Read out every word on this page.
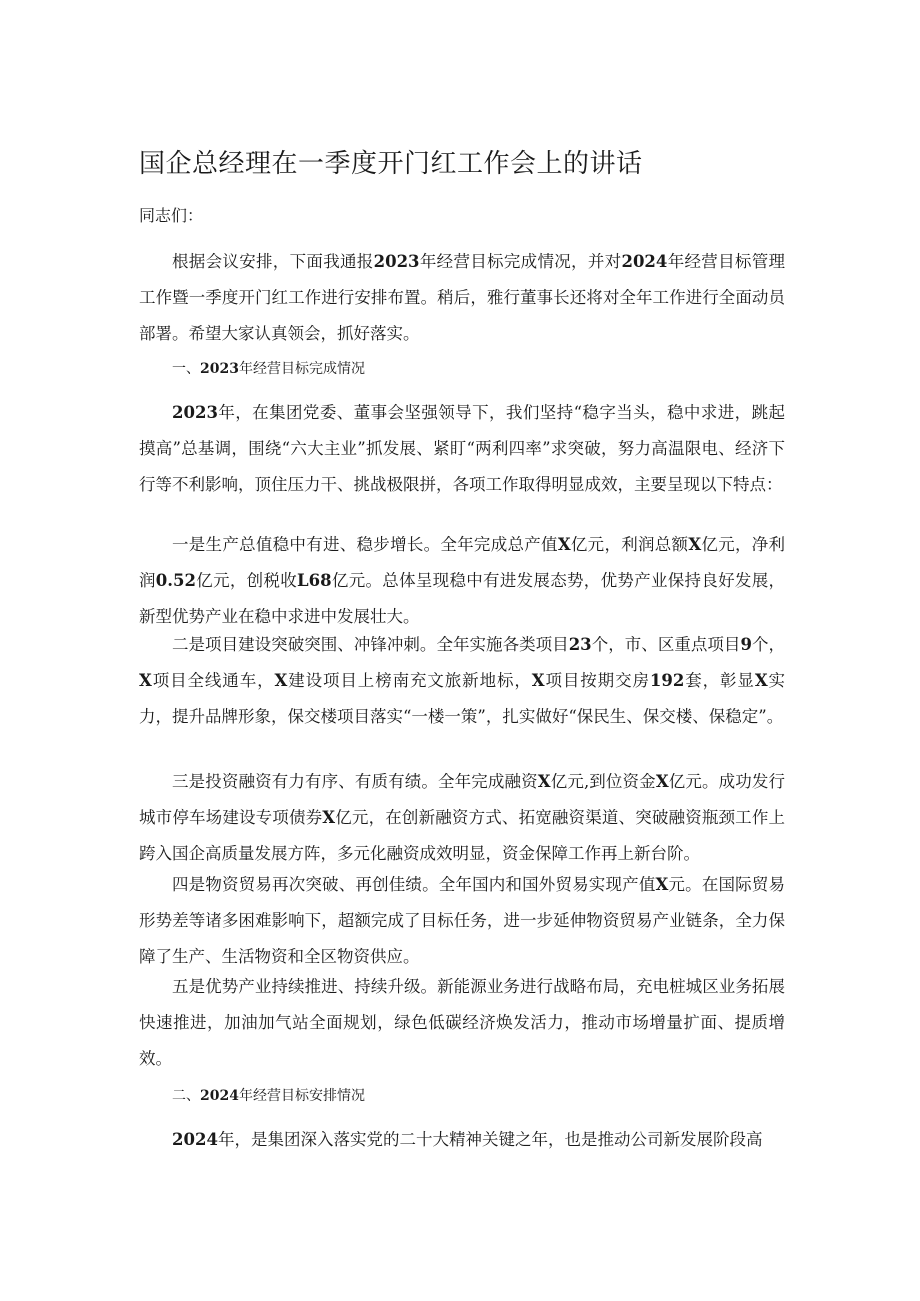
国企总经理在一季度开门红工作会上的讲话
同志们：

根据会议安排，下面我通报2023年经营目标完成情况，并对2024年经营目标管理工作暨一季度开门红工作进行安排布置。稍后，雅行董事长还将对全年工作进行全面动员部署。希望大家认真领会，抓好落实。

一、2023年经营目标完成情况

2023年，在集团党委、董事会坚强领导下，我们坚持“稳字当头，稳中求进，跳起摸高”总基调，围绕“六大主业”抓发展、紧盯“两利四率”求突破，努力高温限电、经济下行等不利影响，顶住压力干、挑战极限拼，各项工作取得明显成效，主要呈现以下特点：

一是生产总值稳中有进、稳步增长。全年完成总产值X亿元，利润总额X亿元，净利润0.52亿元，创税收L68亿元。总体呈现稳中有进发展态势，优势产业保持良好发展，新型优势产业在稳中求进中发展壮大。

二是项目建设突破突围、冲锋冲刺。全年实施各类项目23个，市、区重点项目9个，X项目全线通车，X建设项目上榜南充文旅新地标，X项目按期交房192套，彰显X实力，提升品牌形象，保交楼项目落实“一楼一策”，扎实做好“保民生、保交楼、保稳定”。

三是投资融资有力有序、有质有绩。全年完成融资X亿元,到位资金X亿元。成功发行城市停车场建设专项债券X亿元，在创新融资方式、拓宽融资渠道、突破融资瓶颈工作上跨入国企高质量发展方阵，多元化融资成效明显，资金保障工作再上新台阶。

四是物资贸易再次突破、再创佳绩。全年国内和国外贸易实现产值X元。在国际贸易形势差等诸多困难影响下，超额完成了目标任务，进一步延伸物资贸易产业链条，全力保障了生产、生活物资和全区物资供应。

五是优势产业持续推进、持续升级。新能源业务进行战略布局，充电桩城区业务拓展快速推进，加油加气站全面规划，绿色低碳经济焕发活力，推动市场增量扩面、提质增效。

二、2024年经营目标安排情况

2024年，是集团深入落实党的二十大精神关键之年，也是推动公司新发展阶段高
